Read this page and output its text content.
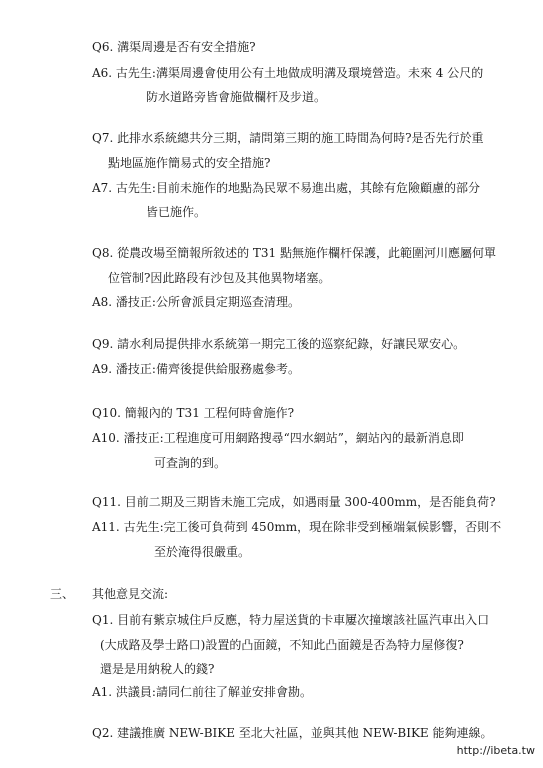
Q6. 溝渠周邊是否有安全措施?
A6. 古先生:溝渠周邊會使用公有土地做成明溝及環境營造。未來 4 公尺的
防水道路旁皆會施做欄杆及步道。
Q7. 此排水系統總共分三期，請問第三期的施工時間為何時?是否先行於重
點地區施作簡易式的安全措施?
A7. 古先生:目前未施作的地點為民眾不易進出處，其餘有危險顧慮的部分
皆已施作。
Q8. 從農改場至簡報所敘述的 T31 點無施作欄杆保護，此範圍河川應屬何單
位管制?因此路段有沙包及其他異物堵塞。
A8. 潘技正:公所會派員定期巡查清理。
Q9. 請水利局提供排水系統第一期完工後的巡察紀錄，好讓民眾安心。
A9. 潘技正:備齊後提供給服務處參考。
Q10. 簡報內的 T31 工程何時會施作?
A10. 潘技正:工程進度可用網路搜尋“四水網站”，網站內的最新消息即
可查詢的到。
Q11. 目前二期及三期皆未施工完成，如遇雨量 300-400mm，是否能負荷?
A11. 古先生:完工後可負荷到 450mm，現在除非受到極端氣候影響，否則不
至於淹得很嚴重。
三、 其他意見交流:
Q1. 目前有紫京城住戶反應，特力屋送貨的卡車屢次撞壞該社區汽車出入口
(大成路及學士路口)設置的凸面鏡，不知此凸面鏡是否為特力屋修復?
還是是用納稅人的錢?
A1. 洪議員:請同仁前往了解並安排會勘。
Q2. 建議推廣 NEW-BIKE 至北大社區，並與其他 NEW-BIKE 能夠連線。
http://ibeta.tw
